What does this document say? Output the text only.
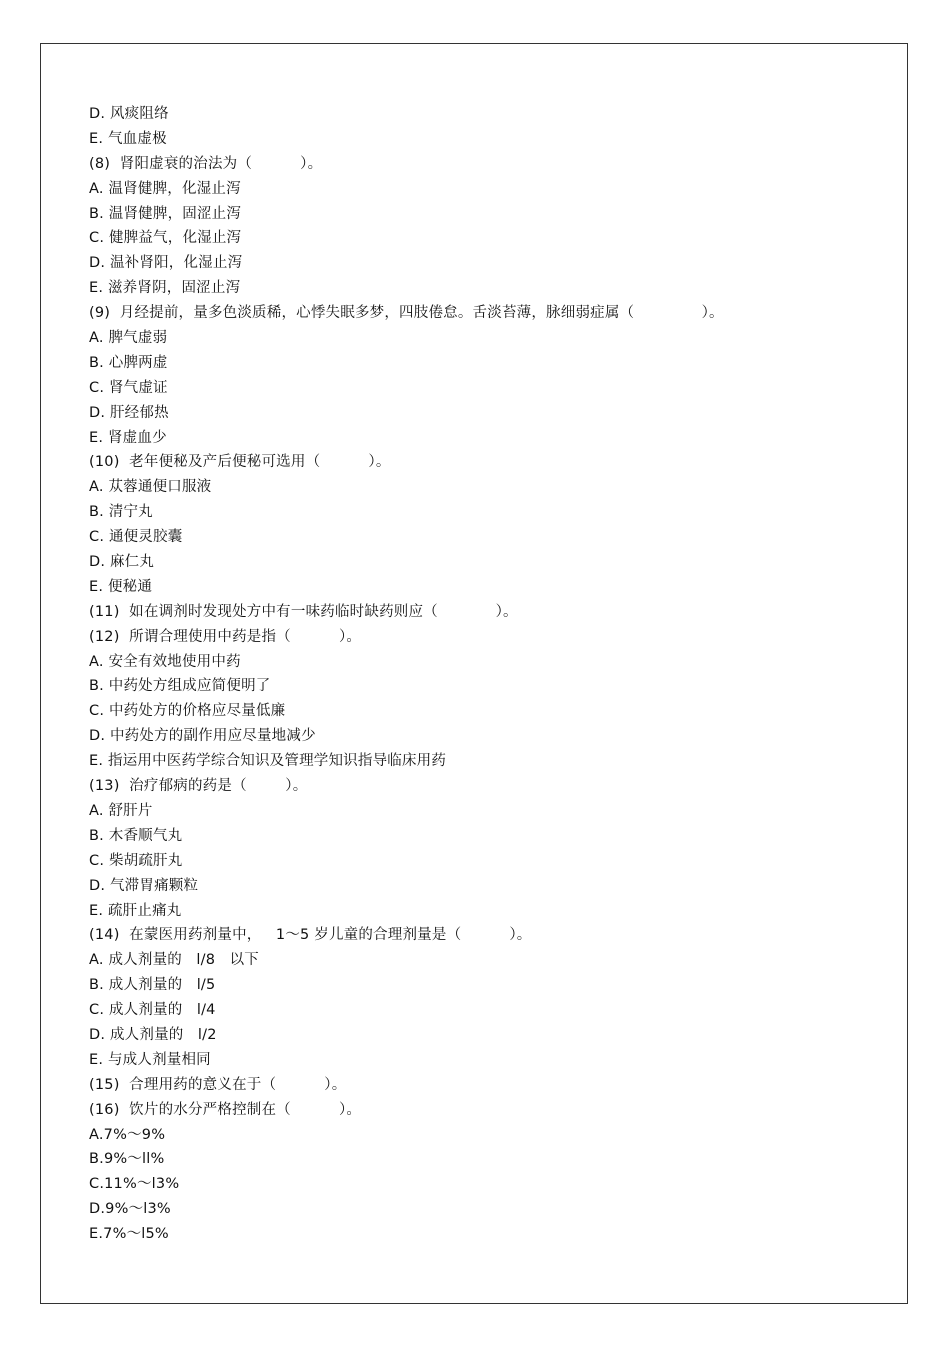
D. 风痰阻络
E. 气血虚极
(8)  肾阳虚衰的治法为（          ）。
A. 温肾健脾，化湿止泻
B. 温肾健脾，固涩止泻
C. 健脾益气，化湿止泻
D. 温补肾阳，化湿止泻
E. 滋养肾阴，固涩止泻
(9)  月经提前，量多色淡质稀，心悸失眠多梦，四肢倦怠。舌淡苔薄，脉细弱症属（              ）。
A. 脾气虚弱
B. 心脾两虚
C. 肾气虚证
D. 肝经郁热
E. 肾虚血少
(10)  老年便秘及产后便秘可选用（          ）。
A. 苁蓉通便口服液
B. 清宁丸
C. 通便灵胶囊
D. 麻仁丸
E. 便秘通
(11)  如在调剂时发现处方中有一味药临时缺药则应（            ）。
(12)  所谓合理使用中药是指（          ）。
A. 安全有效地使用中药
B. 中药处方组成应简便明了
C. 中药处方的价格应尽量低廉
D. 中药处方的副作用应尽量地减少
E. 指运用中医药学综合知识及管理学知识指导临床用药
(13)  治疗郁病的药是（        ）。
A. 舒肝片
B. 木香顺气丸
C. 柴胡疏肝丸
D. 气滞胃痛颗粒
E. 疏肝止痛丸
(14)  在蒙医用药剂量中，   1～5 岁儿童的合理剂量是（          ）。
A. 成人剂量的   l/8   以下
B. 成人剂量的   l/5
C. 成人剂量的   l/4
D. 成人剂量的   l/2
E. 与成人剂量相同
(15)  合理用药的意义在于（          ）。
(16)  饮片的水分严格控制在（          ）。
A.7%～9%
B.9%～ll%
C.11%～l3%
D.9%～l3%
E.7%～l5%
